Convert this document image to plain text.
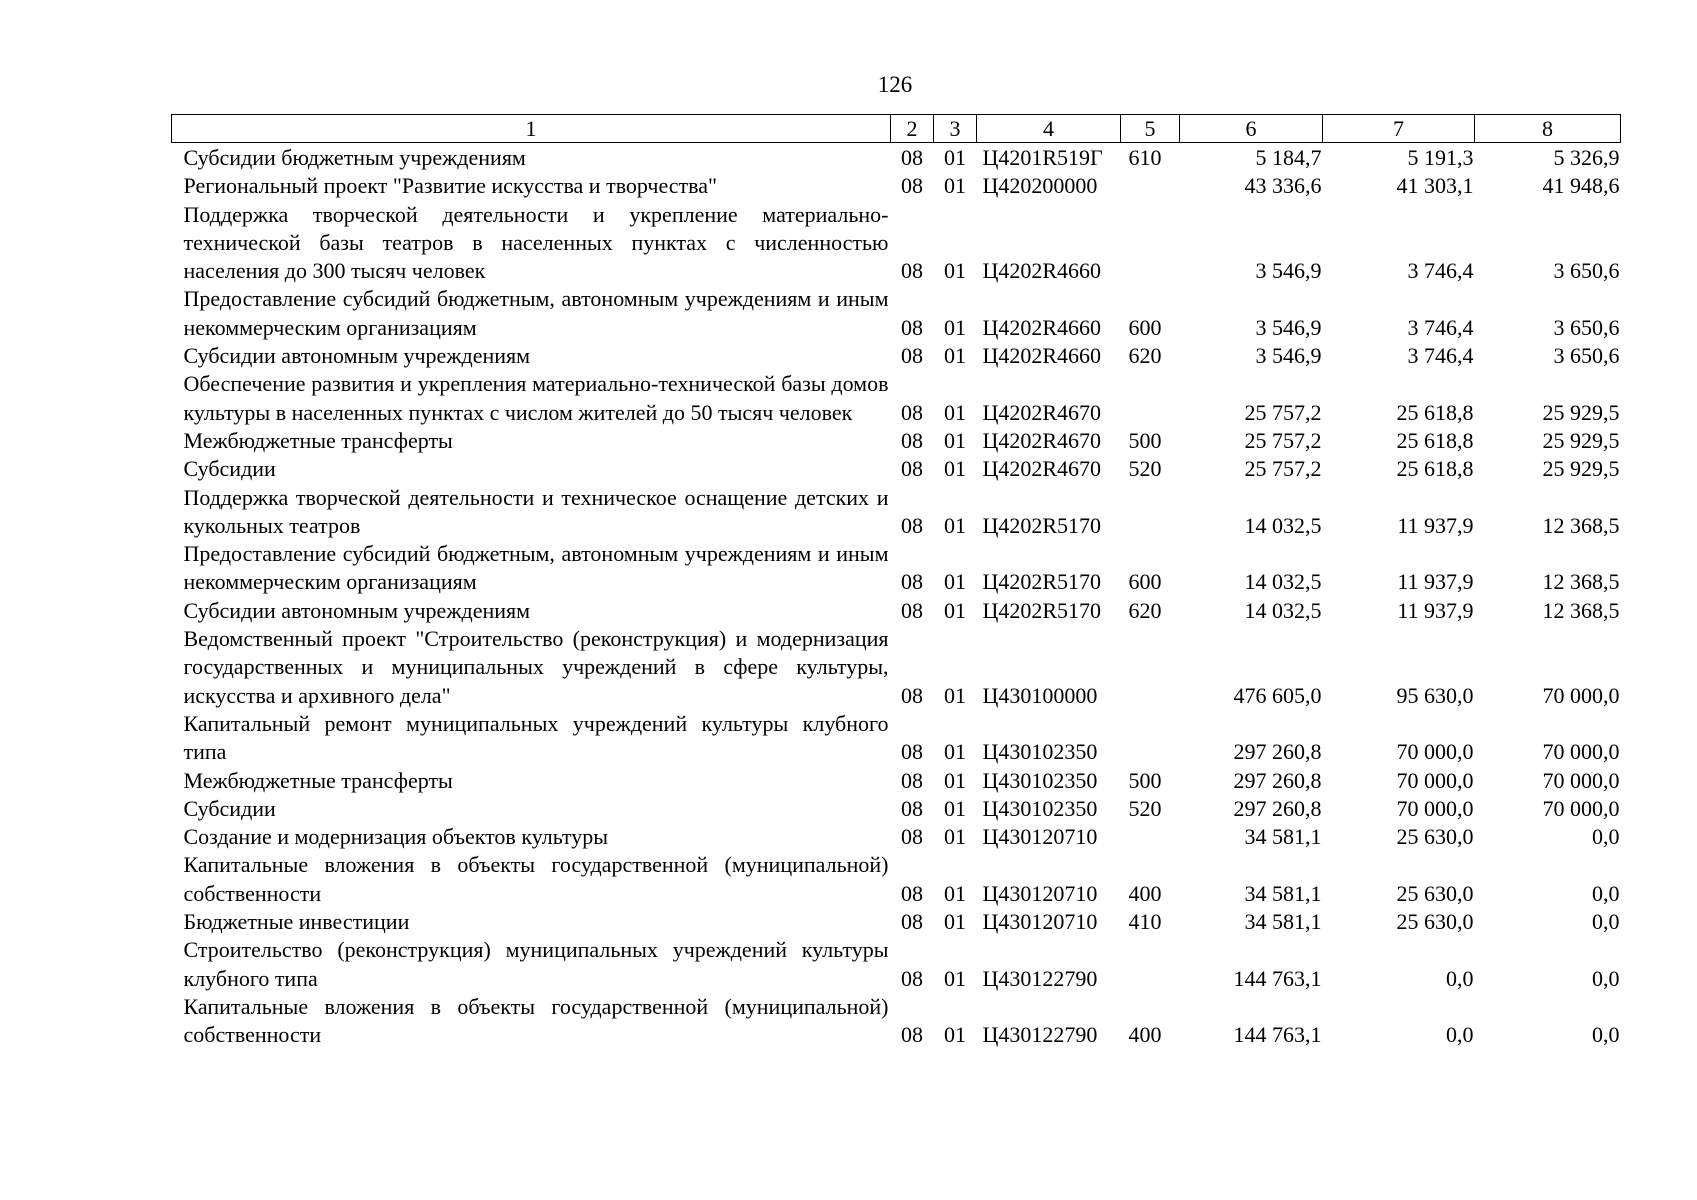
126
1	2	3	4	5	6	7	8
Субсидии бюджетным учреждениям	08	01	Ц4201R519Г	610	5 184,7	5 191,3	5 326,9
Региональный проект "Развитие искусства и творчества"	08	01	Ц420200000		43 336,6	41 303,1	41 948,6
Поддержка творческой деятельности и укрепление материально-технической базы театров в населенных пунктах с численностью населения до 300 тысяч человек	08	01	Ц4202R4660		3 546,9	3 746,4	3 650,6
Предоставление субсидий бюджетным, автономным учреждениям и иным некоммерческим организациям	08	01	Ц4202R4660	600	3 546,9	3 746,4	3 650,6
Субсидии автономным учреждениям	08	01	Ц4202R4660	620	3 546,9	3 746,4	3 650,6
Обеспечение развития и укрепления материально-технической базы домов культуры в населенных пунктах с числом жителей до 50 тысяч человек	08	01	Ц4202R4670		25 757,2	25 618,8	25 929,5
Межбюджетные трансферты	08	01	Ц4202R4670	500	25 757,2	25 618,8	25 929,5
Субсидии	08	01	Ц4202R4670	520	25 757,2	25 618,8	25 929,5
Поддержка творческой деятельности и техническое оснащение детских и кукольных театров	08	01	Ц4202R5170		14 032,5	11 937,9	12 368,5
Предоставление субсидий бюджетным, автономным учреждениям и иным некоммерческим организациям	08	01	Ц4202R5170	600	14 032,5	11 937,9	12 368,5
Субсидии автономным учреждениям	08	01	Ц4202R5170	620	14 032,5	11 937,9	12 368,5
Ведомственный проект "Строительство (реконструкция) и модернизация государственных и муниципальных учреждений в сфере культуры, искусства и архивного дела"	08	01	Ц430100000		476 605,0	95 630,0	70 000,0
Капитальный ремонт муниципальных учреждений культуры клубного типа	08	01	Ц430102350		297 260,8	70 000,0	70 000,0
Межбюджетные трансферты	08	01	Ц430102350	500	297 260,8	70 000,0	70 000,0
Субсидии	08	01	Ц430102350	520	297 260,8	70 000,0	70 000,0
Создание и модернизация объектов культуры	08	01	Ц430120710		34 581,1	25 630,0	0,0
Капитальные вложения в объекты государственной (муниципальной) собственности	08	01	Ц430120710	400	34 581,1	25 630,0	0,0
Бюджетные инвестиции	08	01	Ц430120710	410	34 581,1	25 630,0	0,0
Строительство (реконструкция) муниципальных учреждений культуры клубного типа	08	01	Ц430122790		144 763,1	0,0	0,0
Капитальные вложения в объекты государственной (муниципальной) собственности	08	01	Ц430122790	400	144 763,1	0,0	0,0
